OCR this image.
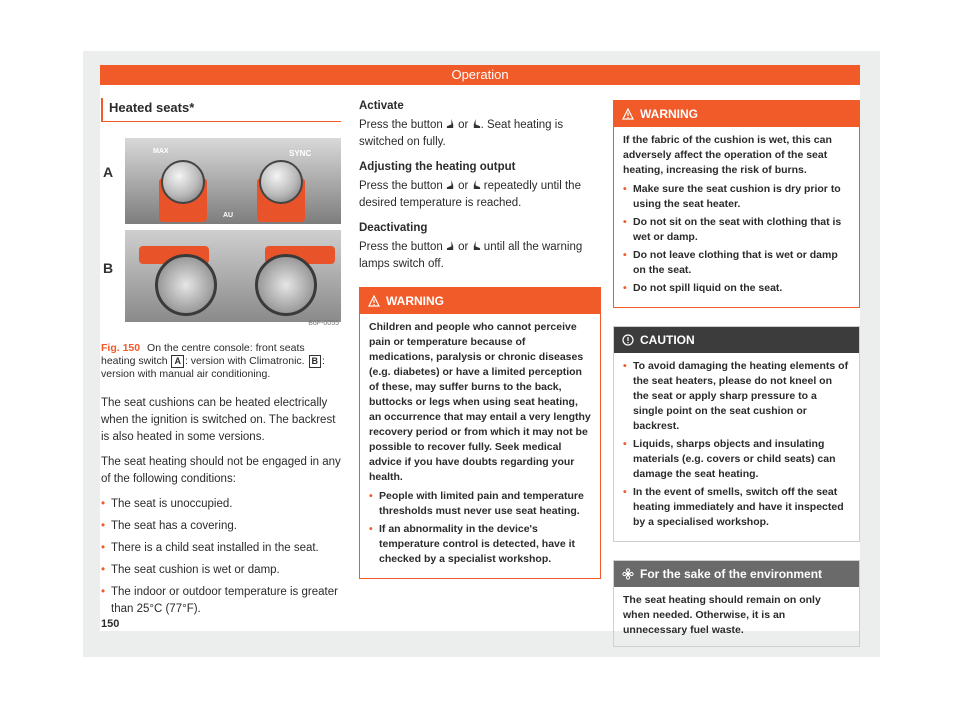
Operation
Heated seats*
A
MAX	SYNC
AU
B
B6F-0055
Fig. 150 On the centre console: front seats heating switch A : version with Climatronic. B : version with manual air conditioning.

The seat cushions can be heated electrically when the ignition is switched on. The backrest is also heated in some versions.

The seat heating should not be engaged in any of the following conditions:

• The seat is unoccupied.
• The seat has a covering.
• There is a child seat installed in the seat.
• The seat cushion is wet or damp.
• The indoor or outdoor temperature is greater than 25°C (77°F).
Activate

Press the button or . Seat heating is switched on fully.

Adjusting the heating output

Press the button or repeatedly until the desired temperature is reached.

Deactivating

Press the button or until all the warning lamps switch off.

WARNING

Children and people who cannot perceive pain or temperature because of medications, paralysis or chronic diseases (e.g. diabetes) or have a limited perception of these, may suffer burns to the back, buttocks or legs when using seat heating, an occurrence that may entail a very lengthy recovery period or from which it may not be possible to recover fully. Seek medical advice if you have doubts regarding your health.

• People with limited pain and temperature thresholds must never use seat heating.
• If an abnormality in the device's temperature control is detected, have it checked by a specialist workshop.
WARNING

If the fabric of the cushion is wet, this can adversely affect the operation of the seat heating, increasing the risk of burns.

• Make sure the seat cushion is dry prior to using the seat heater.
• Do not sit on the seat with clothing that is wet or damp.
• Do not leave clothing that is wet or damp on the seat.
• Do not spill liquid on the seat.
CAUTION
• To avoid damaging the heating elements of the seat heaters, please do not kneel on the seat or apply sharp pressure to a single point on the seat cushion or backrest.
• Liquids, sharps objects and insulating materials (e.g. covers or child seats) can damage the seat heating.
• In the event of smells, switch off the seat heating immediately and have it inspected by a specialised workshop.
For the sake of the environment

The seat heating should remain on only when needed. Otherwise, it is an unnecessary fuel waste.

150
